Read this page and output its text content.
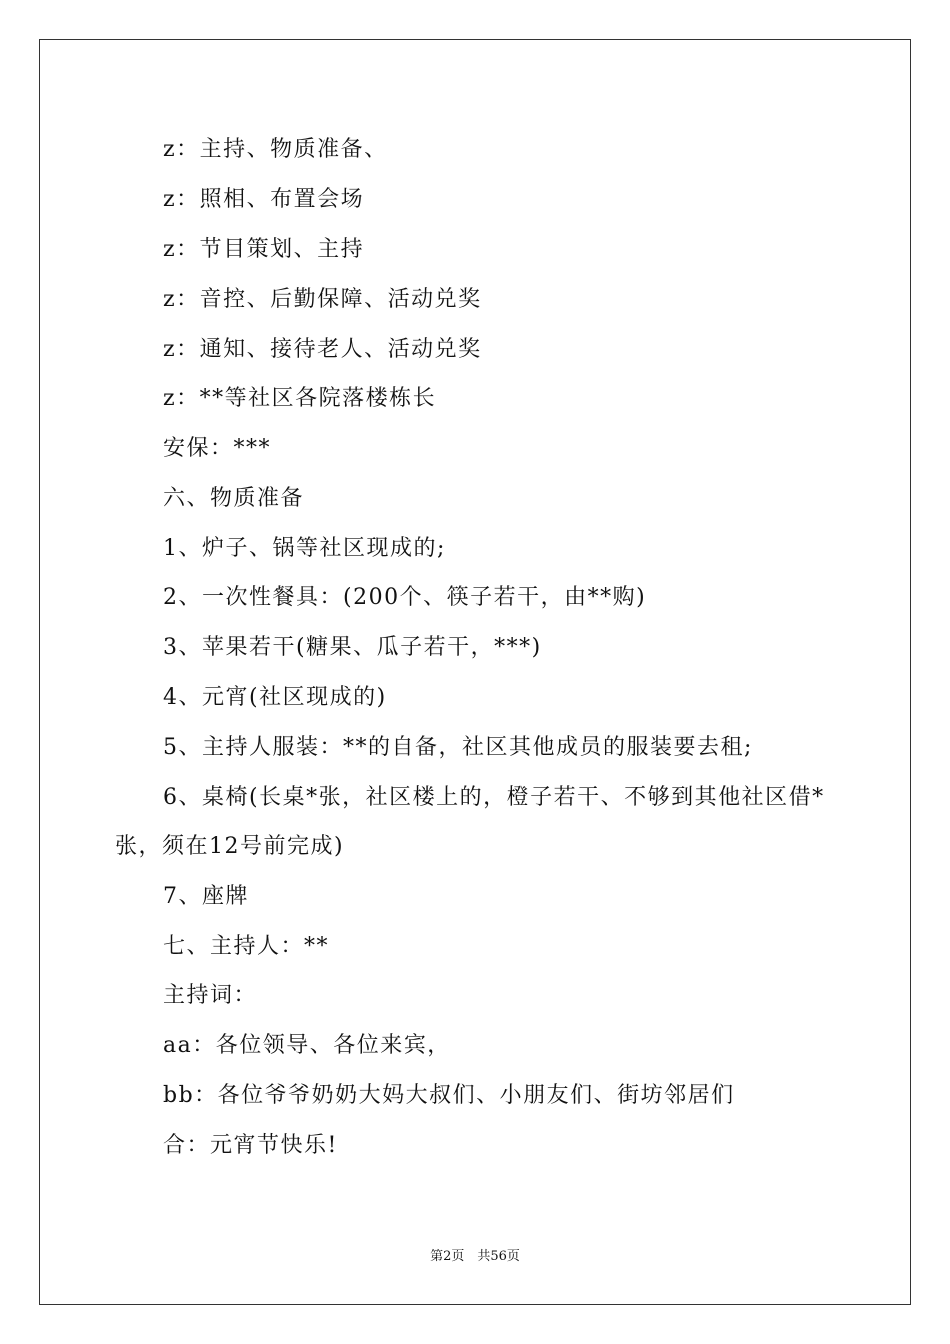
z：主持、物质准备、
z：照相、布置会场
z：节目策划、主持
z：音控、后勤保障、活动兑奖
z：通知、接待老人、活动兑奖
z：**等社区各院落楼栋长
安保：***
六、物质准备
1、炉子、锅等社区现成的;
2、一次性餐具：(200个、筷子若干，由**购)
3、苹果若干(糖果、瓜子若干，***)
4、元宵(社区现成的)
5、主持人服装：**的自备，社区其他成员的服装要去租;
6、桌椅(长桌*张，社区楼上的，橙子若干、不够到其他社区借*
张，须在12号前完成)
7、座牌
七、主持人：**
主持词：
aa：各位领导、各位来宾，
bb：各位爷爷奶奶大妈大叔们、小朋友们、街坊邻居们
合：元宵节快乐!
第2页　共56页
